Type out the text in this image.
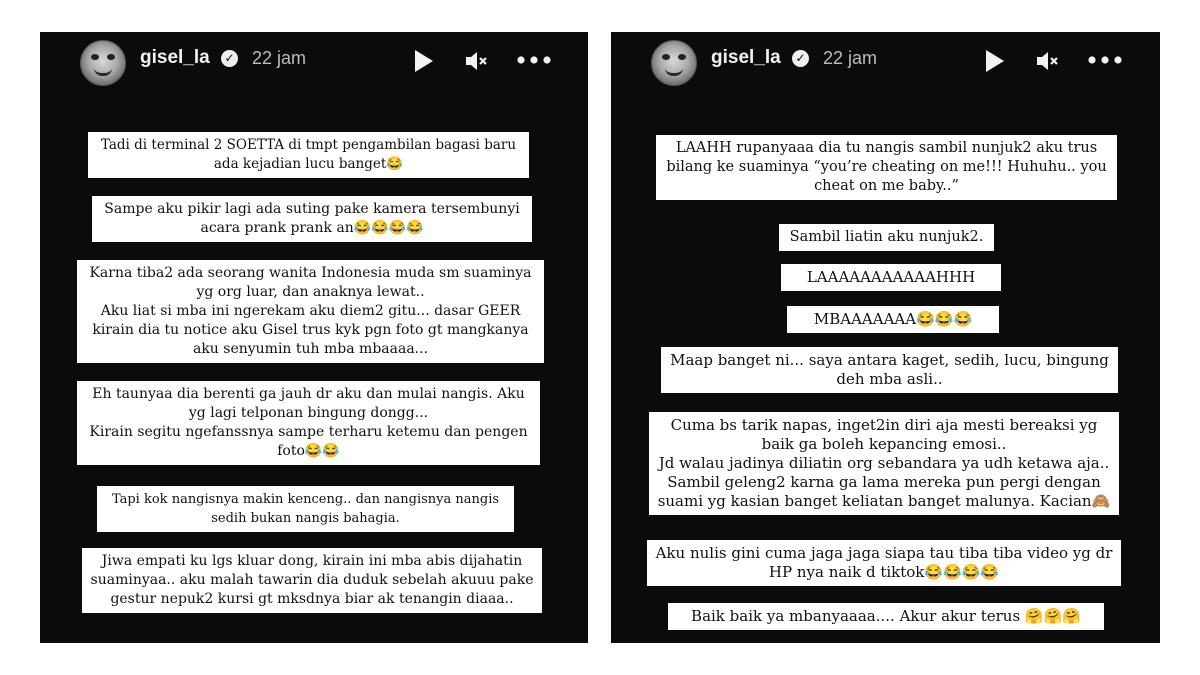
gisel_la ✓ 22 jam
Tadi di terminal 2 SOETTA di tmpt pengambilan bagasi baru
ada kejadian lucu banget😂
Sampe aku pikir lagi ada suting pake kamera tersembunyi
acara prank prank an😂😂😂😂
Karna tiba2 ada seorang wanita Indonesia muda sm suaminya
yg org luar, dan anaknya lewat..
Aku liat si mba ini ngerekam aku diem2 gitu... dasar GEER
kirain dia tu notice aku Gisel trus kyk pgn foto gt mangkanya
aku senyumin tuh mba mbaaaa...
Eh taunyaa dia berenti ga jauh dr aku dan mulai nangis. Aku
yg lagi telponan bingung dongg...
Kirain segitu ngefanssnya sampe terharu ketemu dan pengen
foto😂😂
Tapi kok nangisnya makin kenceng.. dan nangisnya nangis
sedih bukan nangis bahagia.
Jiwa empati ku lgs kluar dong, kirain ini mba abis dijahatin
suaminyaa.. aku malah tawarin dia duduk sebelah akuuu pake
gestur nepuk2 kursi gt mksdnya biar ak tenangin diaaa..
gisel_la ✓ 22 jam
LAAHH rupanyaaa dia tu nangis sambil nunjuk2 aku trus
bilang ke suaminya “you’re cheating on me!!! Huhuhu.. you
cheat on me baby..”
Sambil liatin aku nunjuk2.
LAAAAAAAAAAAHHH
MBAAAAAAA😂😂😂
Maap banget ni... saya antara kaget, sedih, lucu, bingung
deh mba asli..
Cuma bs tarik napas, inget2in diri aja mesti bereaksi yg
baik ga boleh kepancing emosi..
Jd walau jadinya diliatin org sebandara ya udh ketawa aja..
Sambil geleng2 karna ga lama mereka pun pergi dengan
suami yg kasian banget keliatan banget malunya. Kacian🙈
Aku nulis gini cuma jaga jaga siapa tau tiba tiba video yg dr
HP nya naik d tiktok😂😂😂😂
Baik baik ya mbanyaaaa.... Akur akur terus 🤗🤗🤗
